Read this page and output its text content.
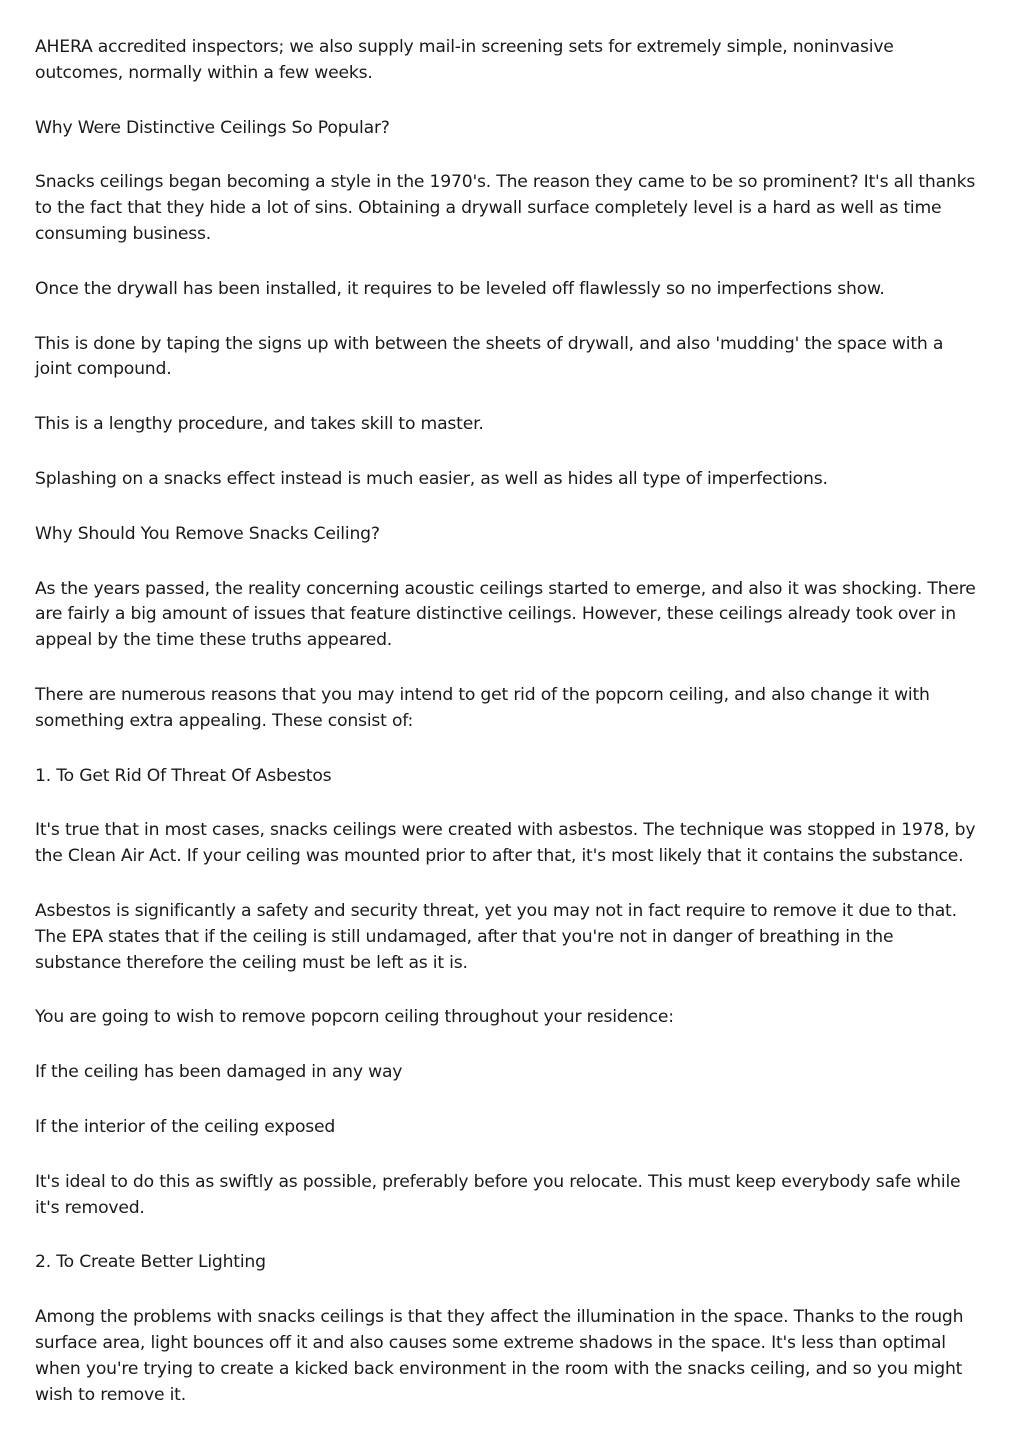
AHERA accredited inspectors; we also supply mail-in screening sets for extremely simple, noninvasive outcomes, normally within a few weeks.

Why Were Distinctive Ceilings So Popular?

Snacks ceilings began becoming a style in the 1970's. The reason they came to be so prominent? It's all thanks to the fact that they hide a lot of sins. Obtaining a drywall surface completely level is a hard as well as time consuming business.

Once the drywall has been installed, it requires to be leveled off flawlessly so no imperfections show.

This is done by taping the signs up with between the sheets of drywall, and also 'mudding' the space with a joint compound.

This is a lengthy procedure, and takes skill to master.

Splashing on a snacks effect instead is much easier, as well as hides all type of imperfections.

Why Should You Remove Snacks Ceiling?

As the years passed, the reality concerning acoustic ceilings started to emerge, and also it was shocking. There are fairly a big amount of issues that feature distinctive ceilings. However, these ceilings already took over in appeal by the time these truths appeared.

There are numerous reasons that you may intend to get rid of the popcorn ceiling, and also change it with something extra appealing. These consist of:

1. To Get Rid Of Threat Of Asbestos

It's true that in most cases, snacks ceilings were created with asbestos. The technique was stopped in 1978, by the Clean Air Act. If your ceiling was mounted prior to after that, it's most likely that it contains the substance.

Asbestos is significantly a safety and security threat, yet you may not in fact require to remove it due to that. The EPA states that if the ceiling is still undamaged, after that you're not in danger of breathing in the substance therefore the ceiling must be left as it is.

You are going to wish to remove popcorn ceiling throughout your residence:

If the ceiling has been damaged in any way

If the interior of the ceiling exposed

It's ideal to do this as swiftly as possible, preferably before you relocate. This must keep everybody safe while it's removed.

2. To Create Better Lighting

Among the problems with snacks ceilings is that they affect the illumination in the space. Thanks to the rough surface area, light bounces off it and also causes some extreme shadows in the space. It's less than optimal when you're trying to create a kicked back environment in the room with the snacks ceiling, and so you might wish to remove it.
